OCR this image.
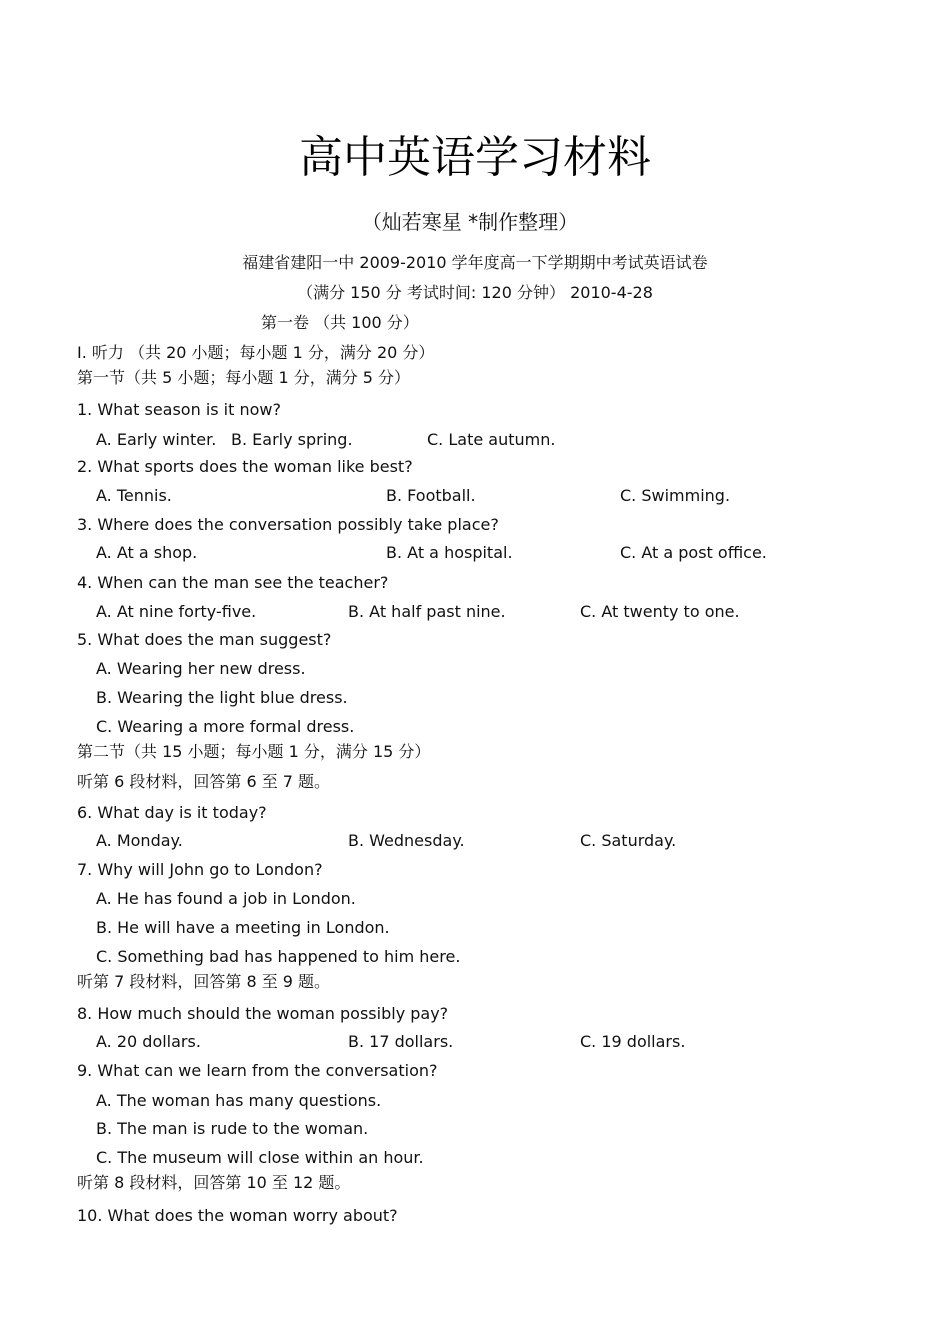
高中英语学习材料
（灿若寒星 *制作整理）
福建省建阳一中 2009-2010 学年度高一下学期期中考试英语试卷
（满分 150 分 考试时间: 120 分钟） 2010-4-28
第一卷 （共 100 分）
I. 听力 （共 20 小题；每小题 1 分，满分 20 分）
第一节（共 5 小题；每小题 1 分，满分 5 分）
1. What season is it now?
A. Early winter. B. Early spring.	C. Late autumn.
2. What sports does the woman like best?
A. Tennis.	B. Football.	C. Swimming.
3. Where does the conversation possibly take place?
A. At a shop.	B. At a hospital.	C. At a post office.
4. When can the man see the teacher?
A. At nine forty-five.	B. At half past nine.	C. At twenty to one.
5. What does the man suggest?
A. Wearing her new dress.
B. Wearing the light blue dress.
C. Wearing a more formal dress.
第二节（共 15 小题；每小题 1 分，满分 15 分）
听第 6 段材料，回答第 6 至 7 题。
6. What day is it today?
A. Monday.	B. Wednesday.	C. Saturday.
7. Why will John go to London?
A. He has found a job in London.
B. He will have a meeting in London.
C. Something bad has happened to him here.
听第 7 段材料，回答第 8 至 9 题。
8. How much should the woman possibly pay?
A. 20 dollars.	B. 17 dollars.	C. 19 dollars.
9. What can we learn from the conversation?
A. The woman has many questions.
B. The man is rude to the woman.
C. The museum will close within an hour.
听第 8 段材料，回答第 10 至 12 题。
10. What does the woman worry about?
